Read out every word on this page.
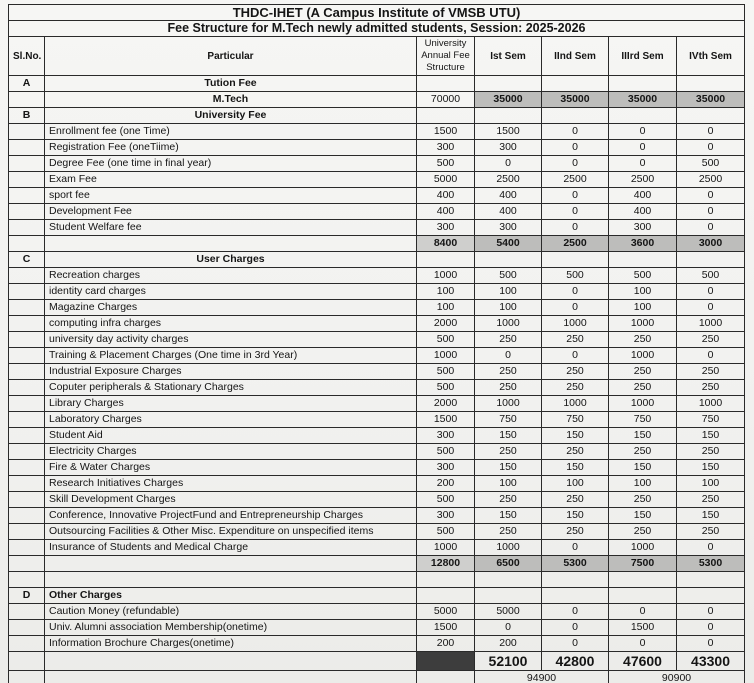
THDC-IHET (A Campus Institute of VMSB UTU)						
Fee Structure for M.Tech newly admitted students, Session: 2025-2026						
Sl.No.	Particular	University Annual Fee Structure	Ist Sem	IInd Sem	IIIrd Sem	IVth Sem
A	Tution Fee					
	M.Tech	70000	35000	35000	35000	35000
B	University Fee					
	Enrollment fee (one Time)	1500	1500	0	0	0
	Registration Fee (oneTiime)	300	300	0	0	0
	Degree Fee (one time in final year)	500	0	0	0	500
	Exam Fee	5000	2500	2500	2500	2500
	sport fee	400	400	0	400	0
	Development Fee	400	400	0	400	0
	Student Welfare fee	300	300	0	300	0
		8400	5400	2500	3600	3000
C	User Charges					
	Recreation charges	1000	500	500	500	500
	identity card charges	100	100	0	100	0
	Magazine Charges	100	100	0	100	0
	computing infra charges	2000	1000	1000	1000	1000
	university day activity charges	500	250	250	250	250
	Training & Placement Charges (One time in 3rd Year)	1000	0	0	1000	0
	Industrial Exposure Charges	500	250	250	250	250
	Coputer peripherals & Stationary Charges	500	250	250	250	250
	Library Charges	2000	1000	1000	1000	1000
	Laboratory Charges	1500	750	750	750	750
	Student Aid	300	150	150	150	150
	Electricity Charges	500	250	250	250	250
	Fire & Water Charges	300	150	150	150	150
	Research Initiatives Charges	200	100	100	100	100
	Skill Development Charges	500	250	250	250	250
	Conference, Innovative ProjectFund and Entrepreneurship Charges	300	150	150	150	150
	Outsourcing Facilities & Other Misc. Expenditure on unspecified items	500	250	250	250	250
	Insurance of Students and Medical Charge	1000	1000	0	1000	0
		12800	6500	5300	7500	5300

D	Other Charges					
	Caution Money (refundable)	5000	5000	0	0	0
	Univ. Alumni association Membership(onetime)	1500	0	0	1500	0
	Information Brochure Charges(onetime)	200	200	0	0	0
			52100	42800	47600	43300
			94900		90900	
